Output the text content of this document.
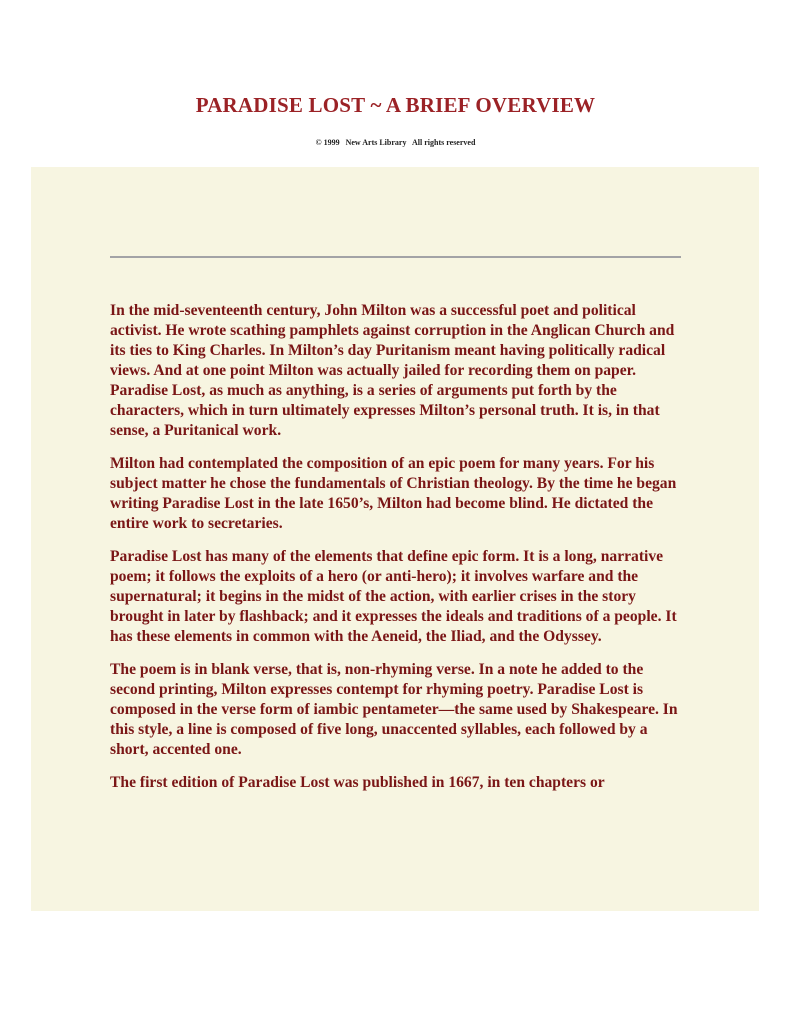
PARADISE LOST ~ A BRIEF OVERVIEW
© 1999   New Arts Library   All rights reserved

In the mid-seventeenth century, John Milton was a successful poet and political activist. He wrote scathing pamphlets against corruption in the Anglican Church and its ties to King Charles. In Milton’s day Puritanism meant having politically radical views. And at one point Milton was actually jailed for recording them on paper. Paradise Lost, as much as anything, is a series of arguments put forth by the characters, which in turn ultimately expresses Milton’s personal truth. It is, in that sense, a Puritanical work.

Milton had contemplated the composition of an epic poem for many years. For his subject matter he chose the fundamentals of Christian theology. By the time he began writing Paradise Lost in the late 1650’s, Milton had become blind. He dictated the entire work to secretaries.

Paradise Lost has many of the elements that define epic form. It is a long, narrative poem; it follows the exploits of a hero (or anti-hero); it involves warfare and the supernatural; it begins in the midst of the action, with earlier crises in the story brought in later by flashback; and it expresses the ideals and traditions of a people. It has these elements in common with the Aeneid, the Iliad, and the Odyssey.

The poem is in blank verse, that is, non-rhyming verse. In a note he added to the second printing, Milton expresses contempt for rhyming poetry. Paradise Lost is composed in the verse form of iambic pentameter—the same used by Shakespeare. In this style, a line is composed of five long, unaccented syllables, each followed by a short, accented one.

The first edition of Paradise Lost was published in 1667, in ten chapters or
